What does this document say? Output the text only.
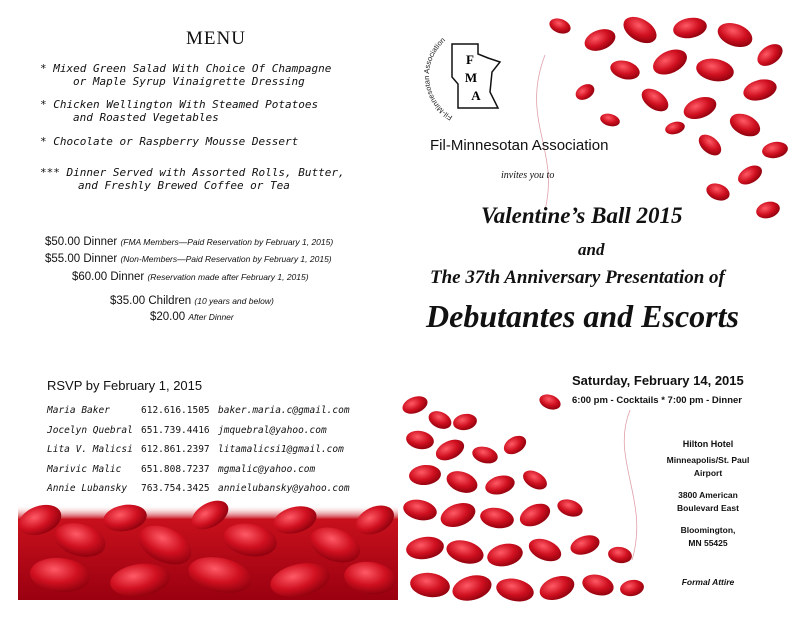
MENU
* Mixed Green Salad With Choice Of Champagne
or Maple Syrup Vinaigrette Dressing
* Chicken Wellington With Steamed Potatoes
and Roasted Vegetables
* Chocolate or Raspberry Mousse Dessert
*** Dinner Served with Assorted Rolls, Butter,
and Freshly Brewed Coffee or Tea
$50.00 Dinner (FMA Members—Paid Reservation by February 1, 2015)
$55.00 Dinner (Non-Members—Paid Reservation by February 1, 2015)
$60.00 Dinner (Reservation made after February 1, 2015)
$35.00 Children (10 years and below)
$20.00 After Dinner
RSVP by February 1, 2015
Maria Baker	612.616.1505	baker.maria.c@gmail.com
Jocelyn Quebral	651.739.4416	jmquebral@yahoo.com
Lita V. Malicsi	612.861.2397	litamalicsi1@gmail.com
Marivic Malic	651.808.7237	mgmalic@yahoo.com
Annie Lubansky	763.754.3425	annielubansky@yahoo.com
Fil-Minnesotan Association
F
M
A
Fil-Minnesotan Association
invites you to
Valentine’s Ball 2015
and
The 37th Anniversary Presentation of
Debutantes and Escorts
Saturday, February 14, 2015
6:00 pm - Cocktails * 7:00 pm - Dinner
Hilton Hotel
Minneapolis/St. Paul
Airport
3800 American
Boulevard East
Bloomington,
MN 55425
Formal Attire
